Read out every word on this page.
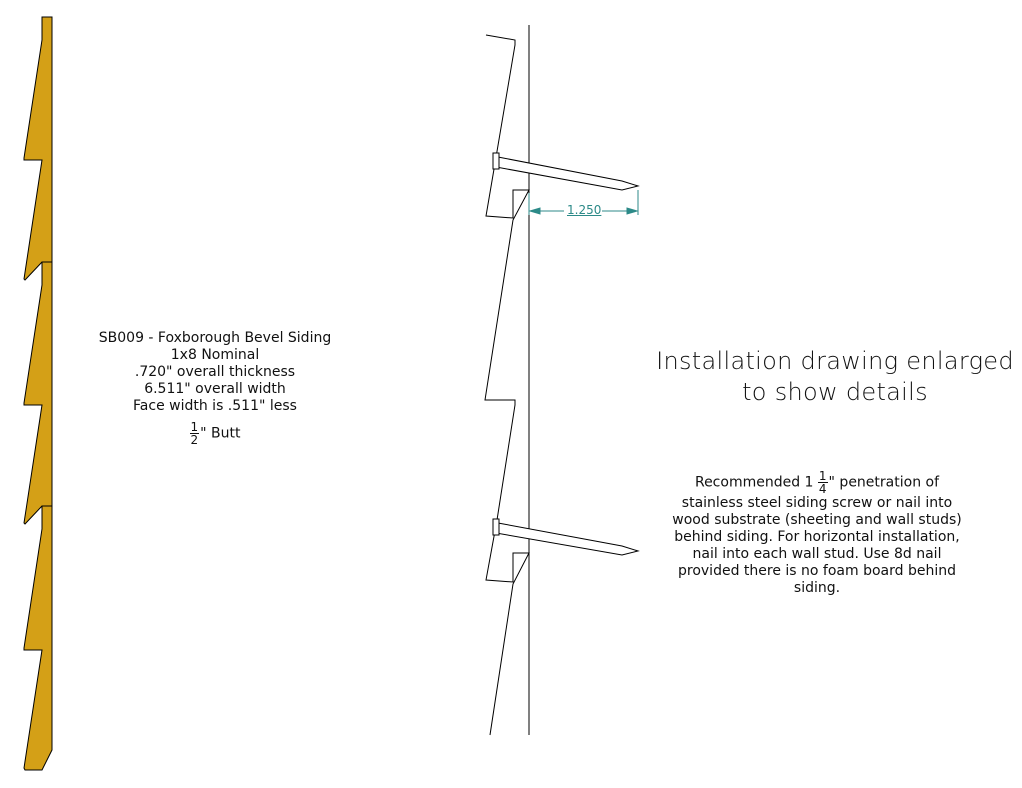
1.250
SB009 - Foxborough Bevel Siding
1x8 Nominal
.720" overall thickness
6.511" overall width
Face width is .511" less
$\frac{1}{2}$ " Butt
Installation drawing enlarged
to show details
Recommended $1 \frac{1}{4}$ " penetration of stainless steel siding screw or nail into wood substrate (sheeting and wall studs) behind siding. For horizontal installation, nail into each wall stud. Use 8d nail provided there is no foam board behind siding.
